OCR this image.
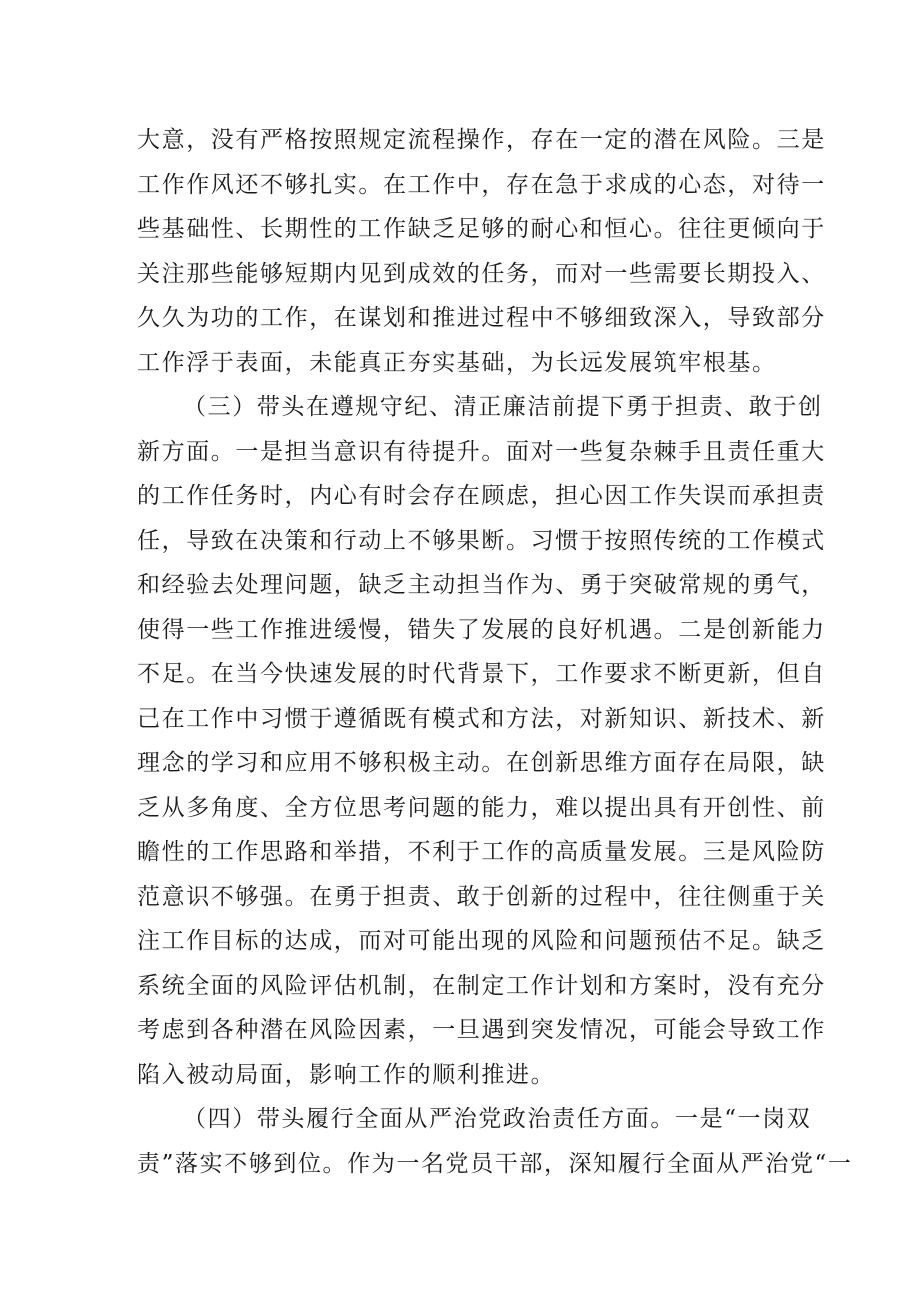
大意，没有严格按照规定流程操作，存在一定的潜在风险。三是
工作作风还不够扎实。在工作中，存在急于求成的心态，对待一
些基础性、长期性的工作缺乏足够的耐心和恒心。往往更倾向于
关注那些能够短期内见到成效的任务，而对一些需要长期投入、
久久为功的工作，在谋划和推进过程中不够细致深入，导致部分
工作浮于表面，未能真正夯实基础，为长远发展筑牢根基。
（三）带头在遵规守纪、清正廉洁前提下勇于担责、敢于创
新方面。一是担当意识有待提升。面对一些复杂棘手且责任重大
的工作任务时，内心有时会存在顾虑，担心因工作失误而承担责
任，导致在决策和行动上不够果断。习惯于按照传统的工作模式
和经验去处理问题，缺乏主动担当作为、勇于突破常规的勇气，
使得一些工作推进缓慢，错失了发展的良好机遇。二是创新能力
不足。在当今快速发展的时代背景下，工作要求不断更新，但自
己在工作中习惯于遵循既有模式和方法，对新知识、新技术、新
理念的学习和应用不够积极主动。在创新思维方面存在局限，缺
乏从多角度、全方位思考问题的能力，难以提出具有开创性、前
瞻性的工作思路和举措，不利于工作的高质量发展。三是风险防
范意识不够强。在勇于担责、敢于创新的过程中，往往侧重于关
注工作目标的达成，而对可能出现的风险和问题预估不足。缺乏
系统全面的风险评估机制，在制定工作计划和方案时，没有充分
考虑到各种潜在风险因素，一旦遇到突发情况，可能会导致工作
陷入被动局面，影响工作的顺利推进。
（四）带头履行全面从严治党政治责任方面。一是“一岗双
责”落实不够到位。作为一名党员干部，深知履行全面从严治党“一
